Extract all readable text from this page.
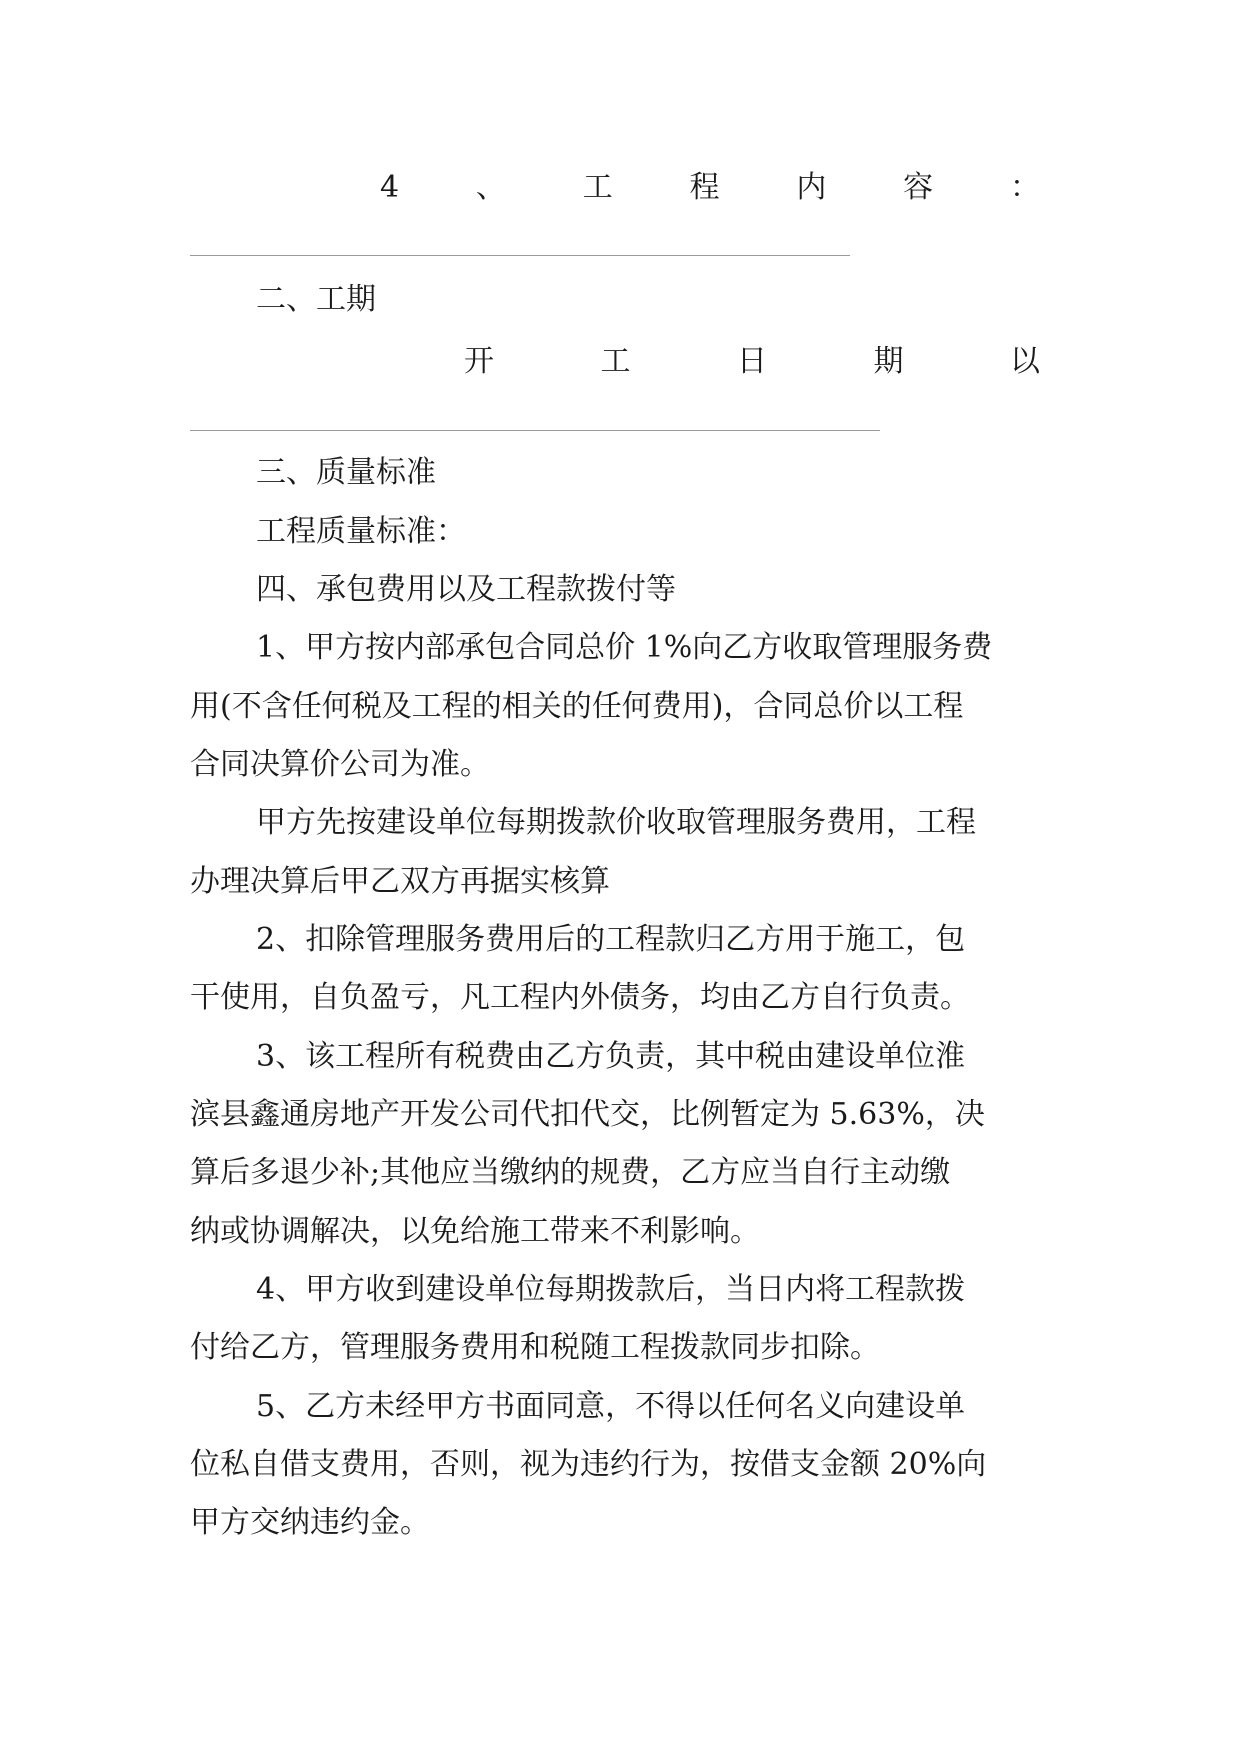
4	、	工	程	内	容	：

二、工期

开	工	日	期	以

三、质量标准

工程质量标准：

四、承包费用以及工程款拨付等

1、甲方按内部承包合同总价 1%向乙方收取管理服务费

用(不含任何税及工程的相关的任何费用)，合同总价以工程

合同决算价公司为准。

甲方先按建设单位每期拨款价收取管理服务费用，工程

办理决算后甲乙双方再据实核算

2、扣除管理服务费用后的工程款归乙方用于施工，包

干使用，自负盈亏，凡工程内外债务，均由乙方自行负责。

3、该工程所有税费由乙方负责，其中税由建设单位淮

滨县鑫通房地产开发公司代扣代交，比例暂定为 5.63%，决

算后多退少补;其他应当缴纳的规费，乙方应当自行主动缴

纳或协调解决，以免给施工带来不利影响。

4、甲方收到建设单位每期拨款后，当日内将工程款拨

付给乙方，管理服务费用和税随工程拨款同步扣除。

5、乙方未经甲方书面同意，不得以任何名义向建设单

位私自借支费用，否则，视为违约行为，按借支金额 20%向

甲方交纳违约金。
